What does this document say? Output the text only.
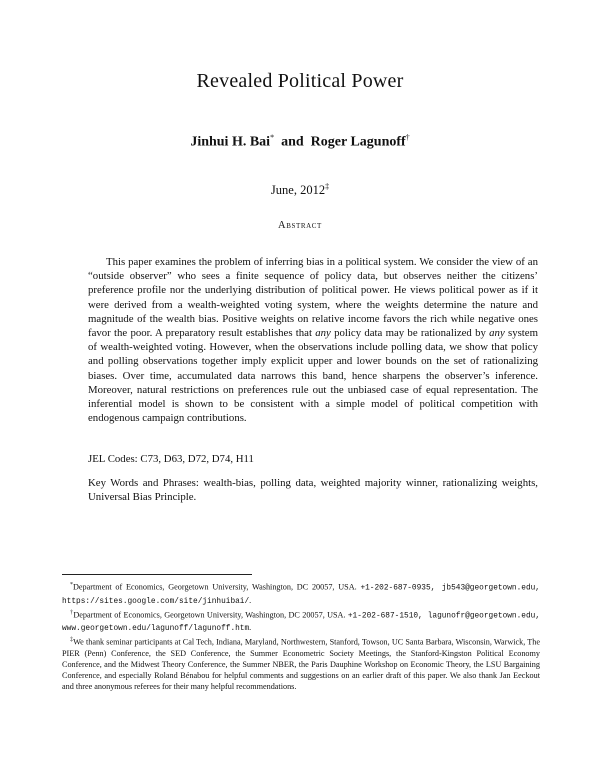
Revealed Political Power
Jinhui H. Bai* and Roger Lagunoff†
June, 2012‡
Abstract
This paper examines the problem of inferring bias in a political system. We consider the view of an “outside observer” who sees a finite sequence of policy data, but observes neither the citizens’ preference profile nor the underlying distribution of political power. He views political power as if it were derived from a wealth-weighted voting system, where the weights determine the nature and magnitude of the wealth bias. Positive weights on relative income favors the rich while negative ones favor the poor. A preparatory result establishes that any policy data may be rationalized by any system of wealth-weighted voting. However, when the observations include polling data, we show that policy and polling observations together imply explicit upper and lower bounds on the set of rationalizing biases. Over time, accumulated data narrows this band, hence sharpens the observer’s inference. Moreover, natural restrictions on preferences rule out the unbiased case of equal representation. The inferential model is shown to be consistent with a simple model of political competition with endogenous campaign contributions.
JEL Codes: C73, D63, D72, D74, H11
Key Words and Phrases: wealth-bias, polling data, weighted majority winner, rationalizing weights, Universal Bias Principle.

*Department of Economics, Georgetown University, Washington, DC 20057, USA. +1-202-687-0935, jb543@georgetown.edu, https://sites.google.com/site/jinhuibai/.

†Department of Economics, Georgetown University, Washington, DC 20057, USA. +1-202-687-1510, lagunofr@georgetown.edu, www.georgetown.edu/lagunoff/lagunoff.htm.

‡We thank seminar participants at Cal Tech, Indiana, Maryland, Northwestern, Stanford, Towson, UC Santa Barbara, Wisconsin, Warwick, The PIER (Penn) Conference, the SED Conference, the Summer Econometric Society Meetings, the Stanford-Kingston Political Economy Conference, and the Midwest Theory Conference, the Summer NBER, the Paris Dauphine Workshop on Economic Theory, the LSU Bargaining Conference, and especially Roland Bénabou for helpful comments and suggestions on an earlier draft of this paper. We also thank Jan Eeckout and three anonymous referees for their many helpful recommendations.
